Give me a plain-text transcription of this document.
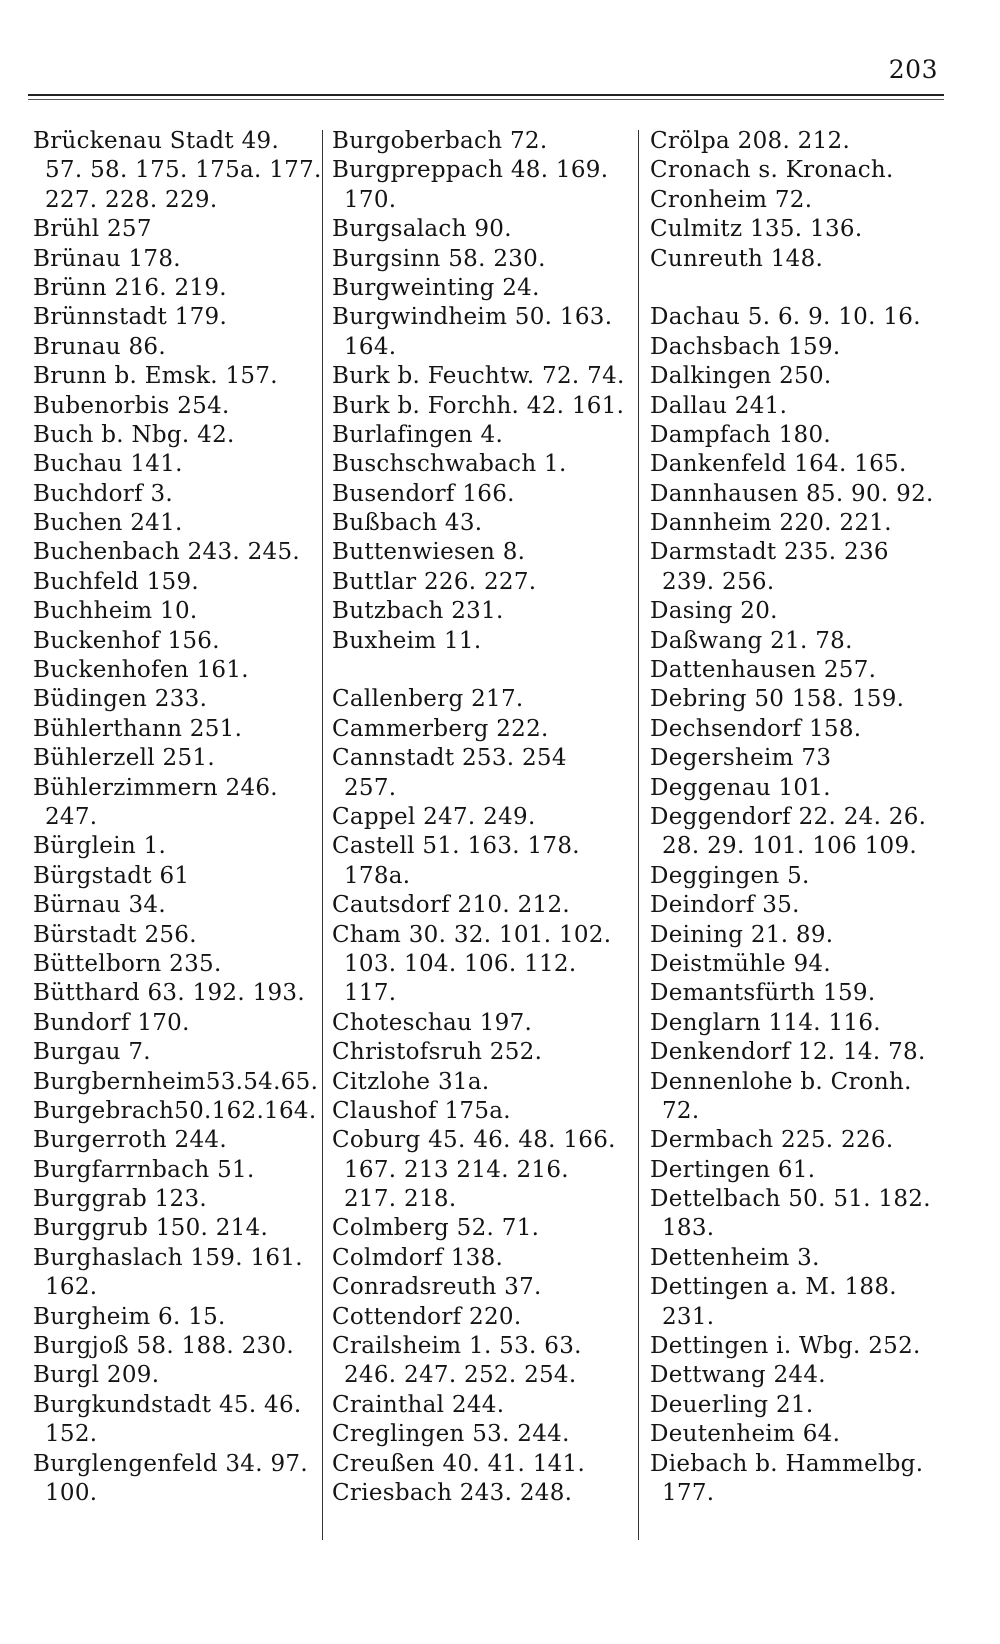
203
Brückenau Stadt 49.
57. 58. 175. 175a. 177.
227. 228. 229.
Brühl 257
Brünau 178.
Brünn 216. 219.
Brünnstadt 179.
Brunau 86.
Brunn b. Emsk. 157.
Bubenorbis 254.
Buch b. Nbg. 42.
Buchau 141.
Buchdorf 3.
Buchen 241.
Buchenbach 243. 245.
Buchfeld 159.
Buchheim 10.
Buckenhof 156.
Buckenhofen 161.
Büdingen 233.
Bühlerthann 251.
Bühlerzell 251.
Bühlerzimmern 246.
247.
Bürglein 1.
Bürgstadt 61
Bürnau 34.
Bürstadt 256.
Büttelborn 235.
Bütthard 63. 192. 193.
Bundorf 170.
Burgau 7.
Burgbernheim53.54.65.
Burgebrach50.162.164.
Burgerroth 244.
Burgfarrnbach 51.
Burggrab 123.
Burggrub 150. 214.
Burghaslach 159. 161.
162.
Burgheim 6. 15.
Burgjoß 58. 188. 230.
Burgl 209.
Burgkundstadt 45. 46.
152.
Burglengenfeld 34. 97.
100.
Burgoberbach 72.
Burgpreppach 48. 169.
170.
Burgsalach 90.
Burgsinn 58. 230.
Burgweinting 24.
Burgwindheim 50. 163.
164.
Burk b. Feuchtw. 72. 74.
Burk b. Forchh. 42. 161.
Burlafingen 4.
Buschschwabach 1.
Busendorf 166.
Bußbach 43.
Buttenwiesen 8.
Buttlar 226. 227.
Butzbach 231.
Buxheim 11.
Callenberg 217.
Cammerberg 222.
Cannstadt 253. 254
257.
Cappel 247. 249.
Castell 51. 163. 178.
178a.
Cautsdorf 210. 212.
Cham 30. 32. 101. 102.
103. 104. 106. 112.
117.
Choteschau 197.
Christofsruh 252.
Citzlohe 31a.
Claushof 175a.
Coburg 45. 46. 48. 166.
167. 213 214. 216.
217. 218.
Colmberg 52. 71.
Colmdorf 138.
Conradsreuth 37.
Cottendorf 220.
Crailsheim 1. 53. 63.
246. 247. 252. 254.
Crainthal 244.
Creglingen 53. 244.
Creußen 40. 41. 141.
Criesbach 243. 248.
Crölpa 208. 212.
Cronach s. Kronach.
Cronheim 72.
Culmitz 135. 136.
Cunreuth 148.
Dachau 5. 6. 9. 10. 16.
Dachsbach 159.
Dalkingen 250.
Dallau 241.
Dampfach 180.
Dankenfeld 164. 165.
Dannhausen 85. 90. 92.
Dannheim 220. 221.
Darmstadt 235. 236
239. 256.
Dasing 20.
Daßwang 21. 78.
Dattenhausen 257.
Debring 50 158. 159.
Dechsendorf 158.
Degersheim 73
Deggenau 101.
Deggendorf 22. 24. 26.
28. 29. 101. 106 109.
Deggingen 5.
Deindorf 35.
Deining 21. 89.
Deistmühle 94.
Demantsfürth 159.
Denglarn 114. 116.
Denkendorf 12. 14. 78.
Dennenlohe b. Cronh.
72.
Dermbach 225. 226.
Dertingen 61.
Dettelbach 50. 51. 182.
183.
Dettenheim 3.
Dettingen a. M. 188.
231.
Dettingen i. Wbg. 252.
Dettwang 244.
Deuerling 21.
Deutenheim 64.
Diebach b. Hammelbg.
177.
